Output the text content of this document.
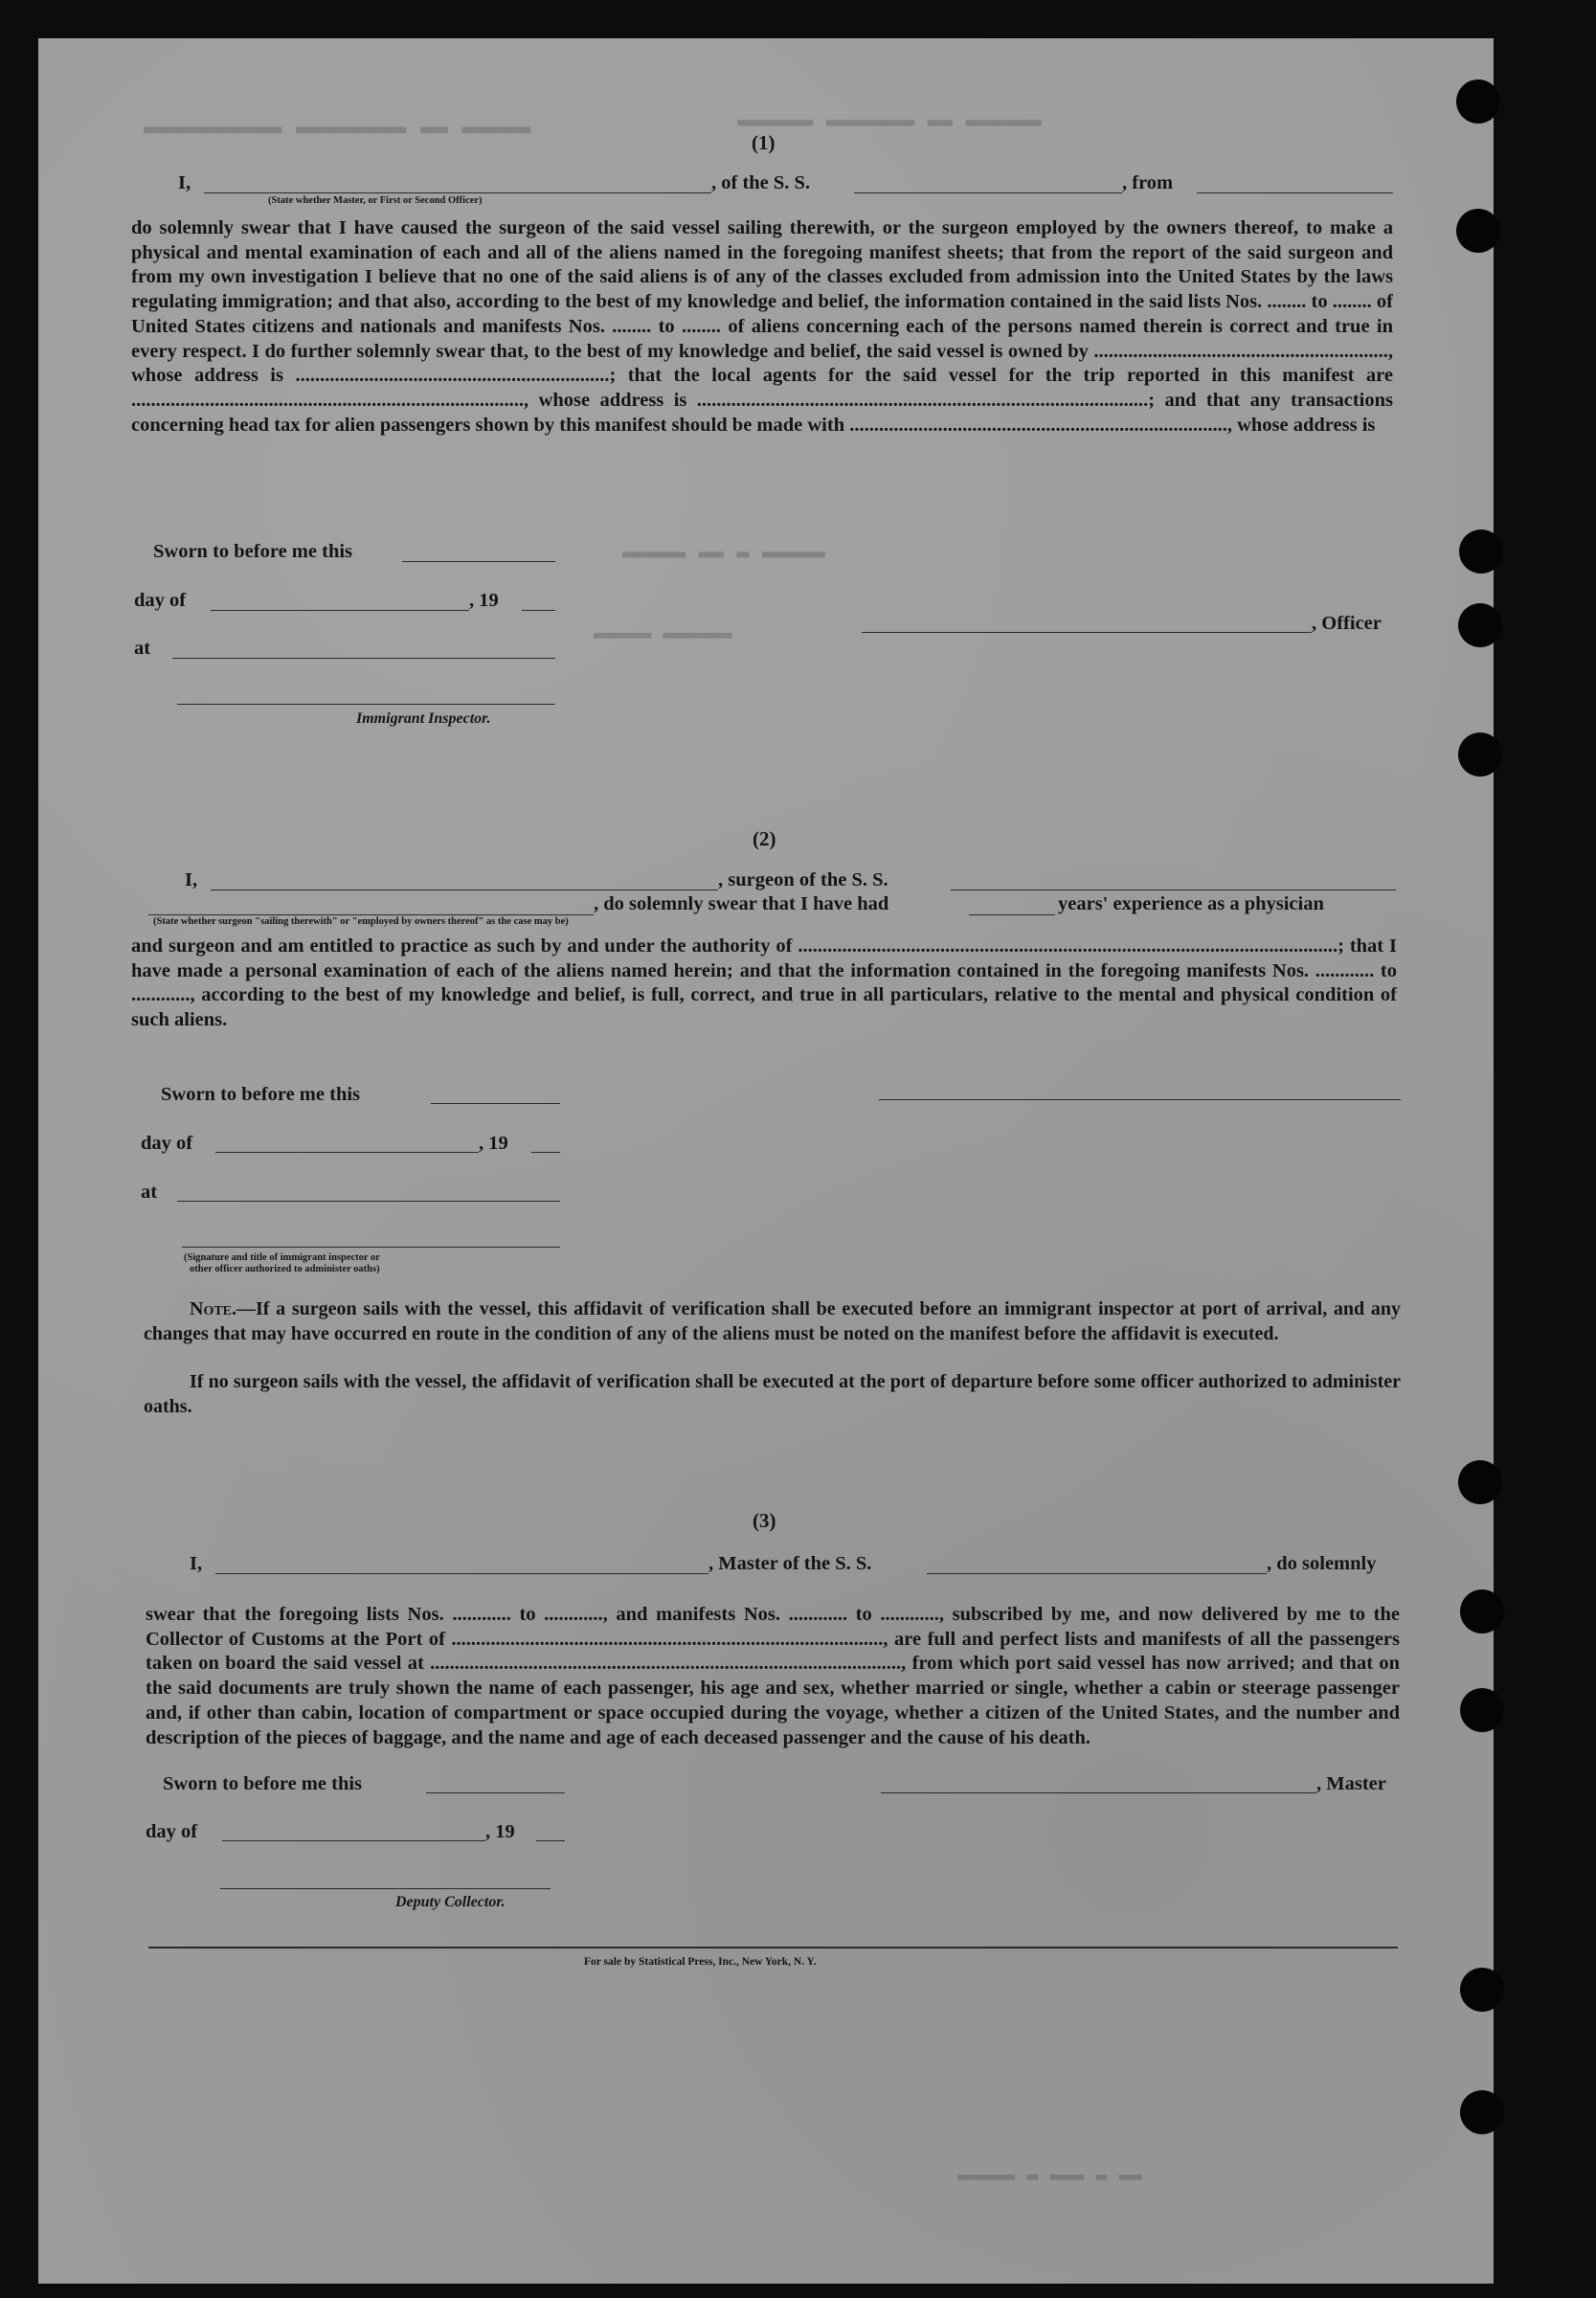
▬▬▬▬▬ ▬▬ ▬▬▬▬▬▬▬▬ ▬▬▬▬▬▬▬▬▬▬	▬▬▬▬▬▬ ▬▬ ▬▬▬▬▬▬▬ ▬▬▬▬▬▬
▬▬▬▬▬ ▬ ▬▬ ▬▬▬▬▬
▬▬▬▬▬▬ ▬▬▬▬▬
▬▬ ▬ ▬▬▬ ▬ ▬▬▬▬▬
(1)
I,	, of the S. S.	, from
(State whether Master, or First or Second Officer)

do solemnly swear that I have caused the surgeon of the said vessel sailing therewith, or the surgeon employed by the owners thereof, to make a physical and mental examination of each and all of the aliens named in the foregoing manifest sheets; that from the report of the said surgeon and from my own investigation I believe that no one of the said aliens is of any of the classes excluded from admission into the United States by the laws regulating immigration; and that also, according to the best of my knowledge and belief, the information contained in the said lists Nos. ........ to ........ of United States citizens and nationals and manifests Nos. ........ to ........ of aliens concerning each of the persons named therein is correct and true in every respect. I do further solemnly swear that, to the best of my knowledge and belief, the said vessel is owned by ............................................................, whose address is ................................................................; that the local agents for the said vessel for the trip reported in this manifest are ................................................................................, whose address is ............................................................................................; and that any transactions concerning head tax for alien passengers shown by this manifest should be made with ............................................................................., whose address is

Sworn to before me this
day of	, 19
at
, Officer
Immigrant Inspector.
(2)
I,	, surgeon of the S. S.
, do solemnly swear that I have had	years' experience as a physician
(State whether surgeon "sailing therewith" or "employed by owners thereof" as the case may be)

and surgeon and am entitled to practice as such by and under the authority of ..............................................................................................................; that I have made a personal examination of each of the aliens named herein; and that the information contained in the foregoing manifests Nos. ............ to ............, according to the best of my knowledge and belief, is full, correct, and true in all particulars, relative to the mental and physical condition of such aliens.

Sworn to before me this
day of	, 19
at
(Signature and title of immigrant inspector or
other officer authorized to administer oaths)

Note.—If a surgeon sails with the vessel, this affidavit of verification shall be executed before an immigrant inspector at port of arrival, and any changes that may have occurred en route in the condition of any of the aliens must be noted on the manifest before the affidavit is executed.

If no surgeon sails with the vessel, the affidavit of verification shall be executed at the port of departure before some officer authorized to administer oaths.

(3)
I,	, Master of the S. S.	, do solemnly

swear that the foregoing lists Nos. ............ to ............, and manifests Nos. ............ to ............, subscribed by me, and now delivered by me to the Collector of Customs at the Port of ........................................................................................, are full and perfect lists and manifests of all the passengers taken on board the said vessel at ................................................................................................, from which port said vessel has now arrived; and that on the said documents are truly shown the name of each passenger, his age and sex, whether married or single, whether a cabin or steerage passenger and, if other than cabin, location of compartment or space occupied during the voyage, whether a citizen of the United States, and the number and description of the pieces of baggage, and the name and age of each deceased passenger and the cause of his death.

Sworn to before me this	, Master
day of	, 19
Deputy Collector.
For sale by Statistical Press, Inc., New York, N. Y.
